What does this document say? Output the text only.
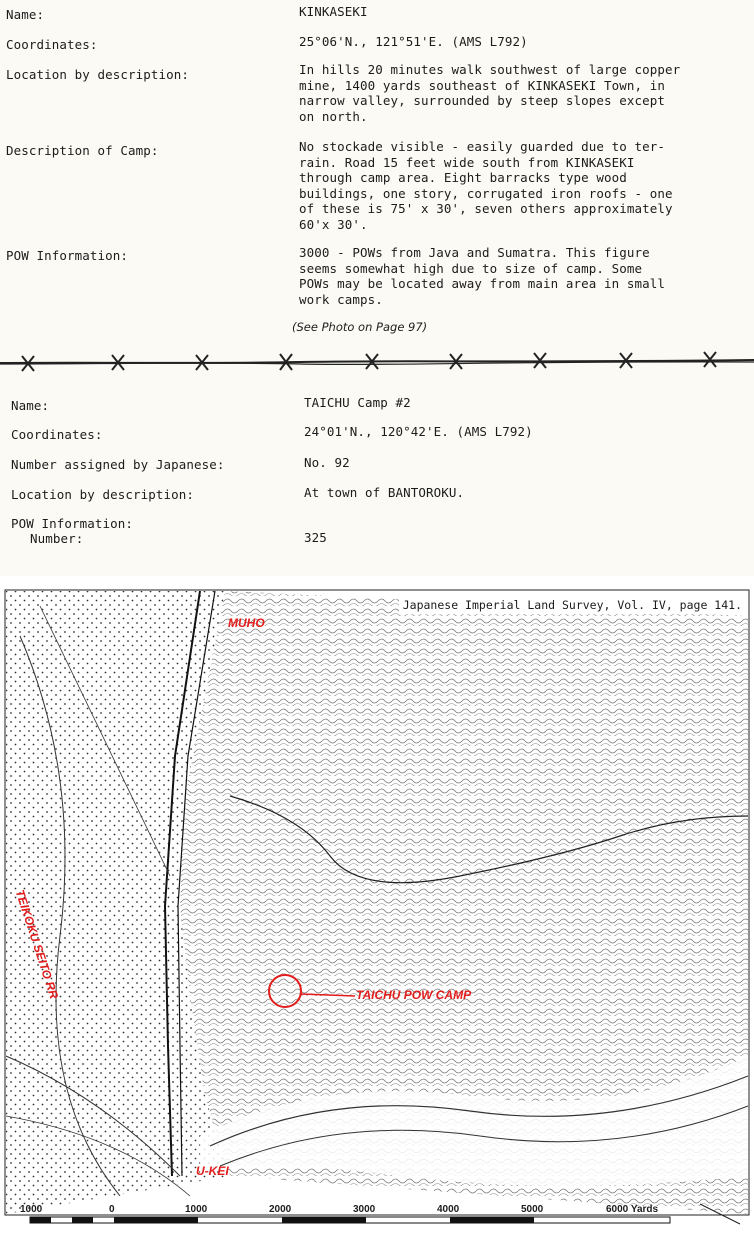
Name:	KINKASEKI
Coordinates:	25°06'N., 121°51'E. (AMS L792)
Location by description:	In hills 20 minutes walk southwest of large copper
mine, 1400 yards southeast of KINKASEKI Town, in
narrow valley, surrounded by steep slopes except
on north.
Description of Camp:	No stockade visible - easily guarded due to ter-
rain. Road 15 feet wide south from KINKASEKI
through camp area. Eight barracks type wood
buildings, one story, corrugated iron roofs - one
of these is 75' x 30', seven others approximately
60'x 30'.
POW Information:	3000 - POWs from Java and Sumatra. This figure
seems somewhat high due to size of camp. Some
POWs may be located away from main area in small
work camps.
(See Photo on Page 97)
Name:	TAICHU Camp #2
Coordinates:	24°01'N., 120°42'E. (AMS L792)
Number assigned by Japanese:	No. 92
Location by description:	At town of BANTOROKU.
POW Information:
Number:	325
Japanese Imperial Land Survey, Vol. IV, page 141.
MUHO
TEIKOKU SEITO RR	TAICHU POW CAMP
U-KEI
1000	0	1000	2000	3000	4000	5000	6000 Yards
